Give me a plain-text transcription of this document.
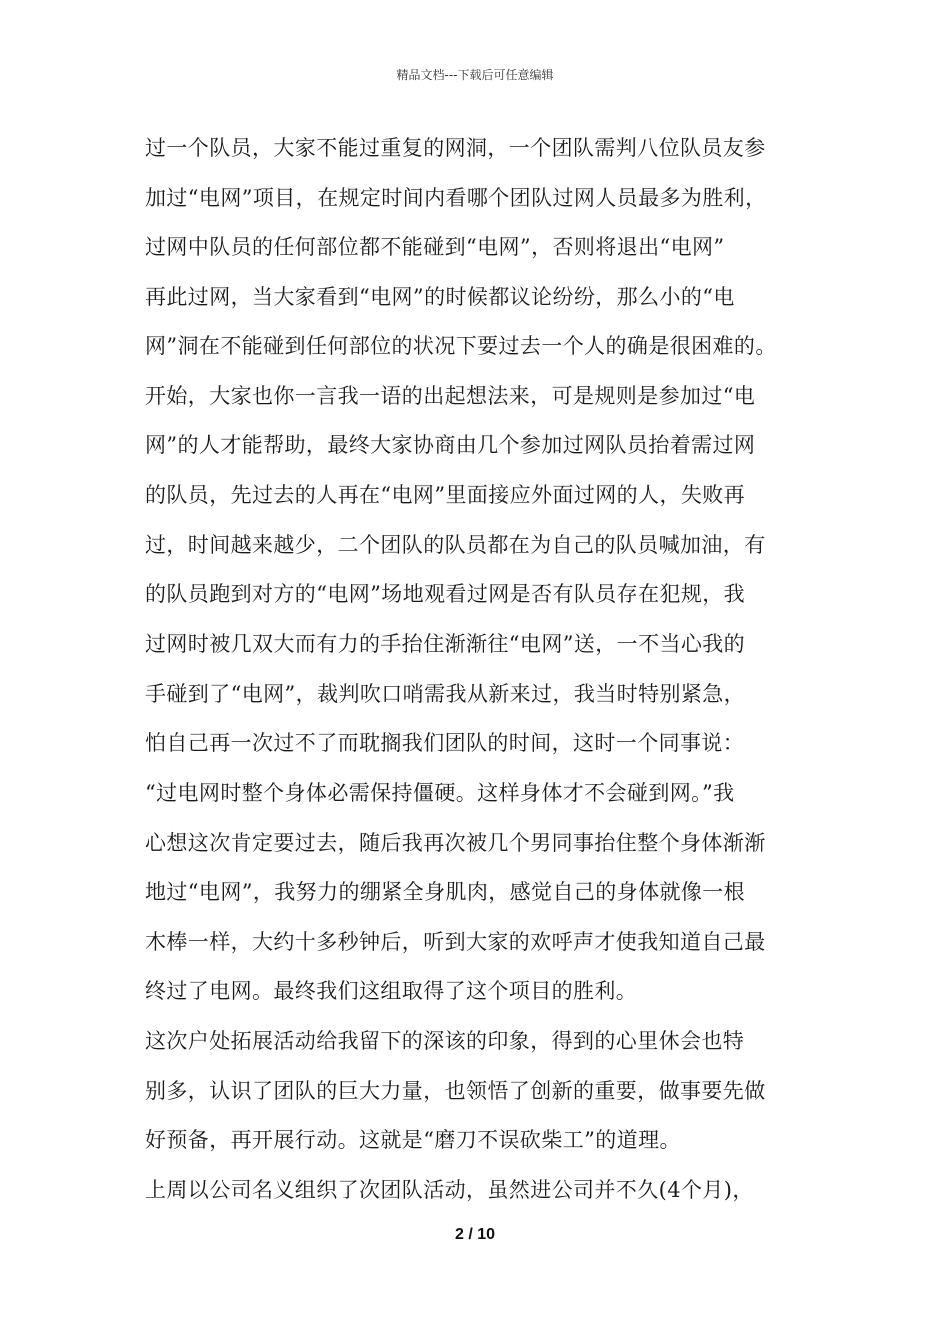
精品文档---下载后可任意编辑
过一个队员，大家不能过重复的网洞，一个团队需判八位队员友参
加过“电网”项目，在规定时间内看哪个团队过网人员最多为胜利，
过网中队员的任何部位都不能碰到“电网”，否则将退出“电网”
再此过网，当大家看到“电网”的时候都议论纷纷，那么小的“电
网”洞在不能碰到任何部位的状况下要过去一个人的确是很困难的。
开始，大家也你一言我一语的出起想法来，可是规则是参加过“电
网”的人才能帮助，最终大家协商由几个参加过网队员抬着需过网
的队员，先过去的人再在“电网”里面接应外面过网的人，失败再
过，时间越来越少，二个团队的队员都在为自己的队员喊加油，有
的队员跑到对方的“电网”场地观看过网是否有队员存在犯规，我
过网时被几双大而有力的手抬住渐渐往“电网”送，一不当心我的
手碰到了“电网”，裁判吹口哨需我从新来过，我当时特别紧急，
怕自己再一次过不了而耽搁我们团队的时间，这时一个同事说：
“过电网时整个身体必需保持僵硬。这样身体才不会碰到网。”我
心想这次肯定要过去，随后我再次被几个男同事抬住整个身体渐渐
地过“电网”，我努力的绷紧全身肌肉，感觉自己的身体就像一根
木棒一样，大约十多秒钟后，听到大家的欢呼声才使我知道自己最
终过了电网。最终我们这组取得了这个项目的胜利。
这次户处拓展活动给我留下的深该的印象，得到的心里休会也特
别多，认识了团队的巨大力量，也领悟了创新的重要，做事要先做
好预备，再开展行动。这就是“磨刀不误砍柴工”的道理。
上周以公司名义组织了次团队活动，虽然进公司并不久(4个月)，
2 / 10
